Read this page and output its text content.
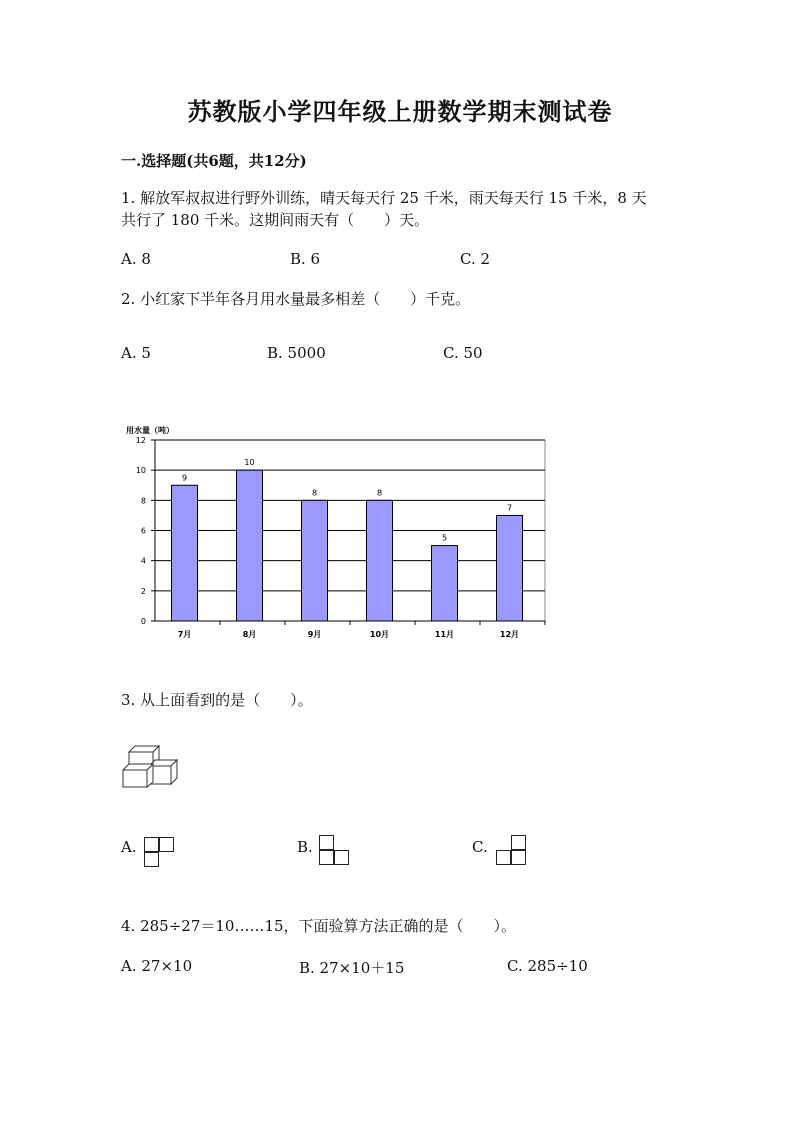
苏教版小学四年级上册数学期末测试卷
一.选择题(共6题，共12分)
1. 解放军叔叔进行野外训练，晴天每天行 25 千米，雨天每天行 15 千米，8 天
共行了 180 千米。这期间雨天有（　　）天。
A. 8	B. 6	C. 2
2. 小红家下半年各月用水量最多相差（　　）千克。
A. 5	B. 5000	C. 50
用水量（吨）
0
2
4
6
8
10
12
9
7月
10
8月
8
9月
8
10月
5
11月
7
12月
3. 从上面看到的是（　　）。
A.	B.	C.
4. 285÷27＝10……15，下面验算方法正确的是（　　）。
A. 27×10	B. 27×10＋15	C. 285÷10
